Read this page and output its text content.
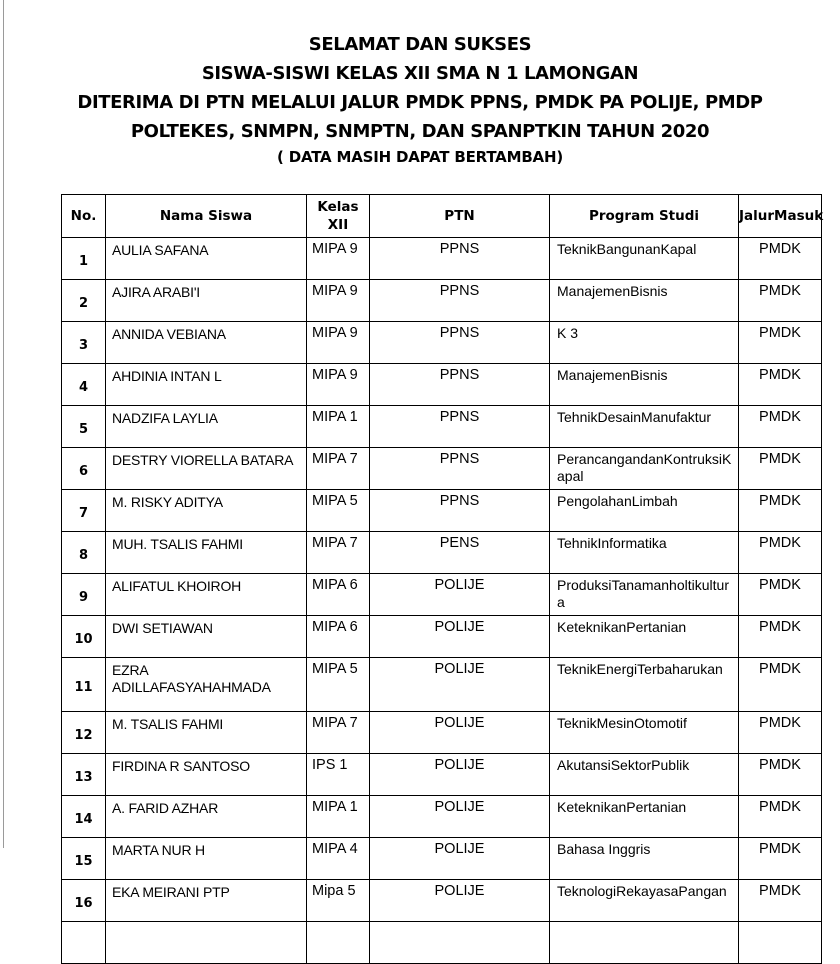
SELAMAT DAN SUKSES
SISWA-SISWI KELAS XII SMA N 1 LAMONGAN
DITERIMA DI PTN MELALUI JALUR PMDK PPNS, PMDK PA POLIJE, PMDP
POLTEKES, SNMPN, SNMPTN, DAN SPANPTKIN TAHUN 2020
( DATA MASIH DAPAT BERTAMBAH)
No.	Nama Siswa	Kelas XII	PTN	Program Studi	JalurMasuk
1	AULIA SAFANA	MIPA 9	PPNS	TeknikBangunanKapal	PMDK
2	AJIRA ARABI'I	MIPA 9	PPNS	ManajemenBisnis	PMDK
3	ANNIDA VEBIANA	MIPA 9	PPNS	K 3	PMDK
4	AHDINIA INTAN L	MIPA 9	PPNS	ManajemenBisnis	PMDK
5	NADZIFA LAYLIA	MIPA 1	PPNS	TehnikDesainManufaktur	PMDK
6	DESTRY VIORELLA BATARA	MIPA 7	PPNS	PerancangandanKontruksiKapal	PMDK
7	M. RISKY ADITYA	MIPA 5	PPNS	PengolahanLimbah	PMDK
8	MUH. TSALIS FAHMI	MIPA 7	PENS	TehnikInformatika	PMDK
9	ALIFATUL KHOIROH	MIPA 6	POLIJE	ProduksiTanamanholtikultura	PMDK
10	DWI SETIAWAN	MIPA 6	POLIJE	KeteknikanPertanian	PMDK
11	EZRA ADILLAFASYAHAHMADA	MIPA 5	POLIJE	TeknikEnergiTerbaharukan	PMDK
12	M. TSALIS FAHMI	MIPA 7	POLIJE	TeknikMesinOtomotif	PMDK
13	FIRDINA R SANTOSO	IPS 1	POLIJE	AkutansiSektorPublik	PMDK
14	A. FARID AZHAR	MIPA 1	POLIJE	KeteknikanPertanian	PMDK
15	MARTA NUR H	MIPA 4	POLIJE	Bahasa Inggris	PMDK
16	EKA MEIRANI PTP	Mipa 5	POLIJE	TeknologiRekayasaPangan	PMDK
